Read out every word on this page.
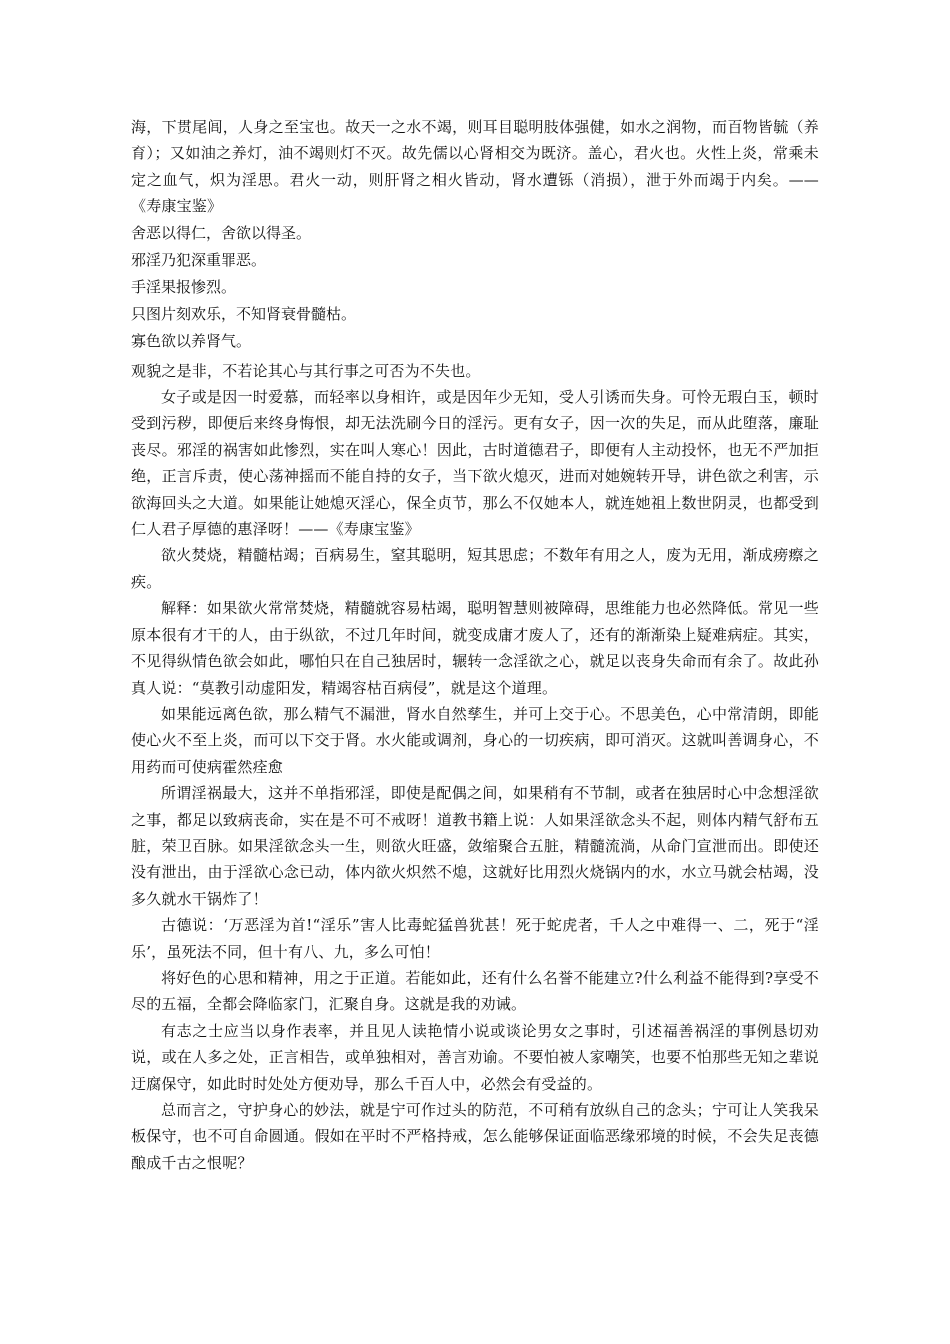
海，下贯尾闾，人身之至宝也。故天一之水不竭，则耳目聪明肢体强健，如水之润物，而百物皆毓（养育）；又如油之养灯，油不竭则灯不灭。故先儒以心肾相交为既济。盖心，君火也。火性上炎，常乘未定之血气，炽为淫思。君火一动，则肝肾之相火皆动，肾水遭铄（消损），泄于外而竭于内矣。——《寿康宝鉴》

舍恶以得仁，舍欲以得圣。

邪淫乃犯深重罪恶。

手淫果报惨烈。

只图片刻欢乐，不知肾衰骨髓枯。

寡色欲以养肾气。

观貌之是非，不若论其心与其行事之可否为不失也。

女子或是因一时爱慕，而轻率以身相许，或是因年少无知，受人引诱而失身。可怜无瑕白玉，顿时受到污秽，即便后来终身悔恨，却无法洗刷今日的淫污。更有女子，因一次的失足，而从此堕落，廉耻丧尽。邪淫的祸害如此惨烈，实在叫人寒心！因此，古时道德君子，即便有人主动投怀，也无不严加拒绝，正言斥责，使心荡神摇而不能自持的女子，当下欲火熄灭，进而对她婉转开导，讲色欲之利害，示欲海回头之大道。如果能让她熄灭淫心，保全贞节，那么不仅她本人，就连她祖上数世阴灵，也都受到仁人君子厚德的惠泽呀！——《寿康宝鉴》

欲火焚烧，精髓枯竭；百病易生，窒其聪明，短其思虑；不数年有用之人，废为无用，渐成痨瘵之疾。

解释：如果欲火常常焚烧，精髓就容易枯竭，聪明智慧则被障碍，思维能力也必然降低。常见一些原本很有才干的人，由于纵欲，不过几年时间，就变成庸才废人了，还有的渐渐染上疑难病症。其实，不见得纵情色欲会如此，哪怕只在自己独居时，辗转一念淫欲之心，就足以丧身失命而有余了。故此孙真人说：“莫教引动虚阳发，精竭容枯百病侵”，就是这个道理。

如果能远离色欲，那么精气不漏泄，肾水自然孳生，并可上交于心。不思美色，心中常清朗，即能使心火不至上炎，而可以下交于肾。水火能或调剂，身心的一切疾病，即可消灭。这就叫善调身心，不用药而可使病霍然痊愈

所谓淫祸最大，这并不单指邪淫，即使是配偶之间，如果稍有不节制，或者在独居时心中念想淫欲之事，都足以致病丧命，实在是不可不戒呀！道教书籍上说：人如果淫欲念头不起，则体内精气舒布五脏，荣卫百脉。如果淫欲念头一生，则欲火旺盛，敛缩聚合五脏，精髓流淌，从命门宣泄而出。即使还没有泄出，由于淫欲心念已动，体内欲火炽然不熄，这就好比用烈火烧锅内的水，水立马就会枯竭，没多久就水干锅炸了！

古德说：‘万恶淫为首!“淫乐”害人比毒蛇猛兽犹甚！死于蛇虎者，千人之中难得一、二，死于“淫乐’，虽死法不同，但十有八、九，多么可怕！

将好色的心思和精神，用之于正道。若能如此，还有什么名誉不能建立?什么利益不能得到?享受不尽的五福，全都会降临家门，汇聚自身。这就是我的劝诫。

有志之士应当以身作表率，并且见人读艳情小说或谈论男女之事时，引述福善祸淫的事例恳切劝说，或在人多之处，正言相告，或单独相对，善言劝谕。不要怕被人家嘲笑，也要不怕那些无知之辈说迂腐保守，如此时时处处方便劝导，那么千百人中，必然会有受益的。

总而言之，守护身心的妙法，就是宁可作过头的防范，不可稍有放纵自己的念头；宁可让人笑我呆板保守，也不可自命圆通。假如在平时不严格持戒，怎么能够保证面临恶缘邪境的时候，不会失足丧德酿成千古之恨呢？
